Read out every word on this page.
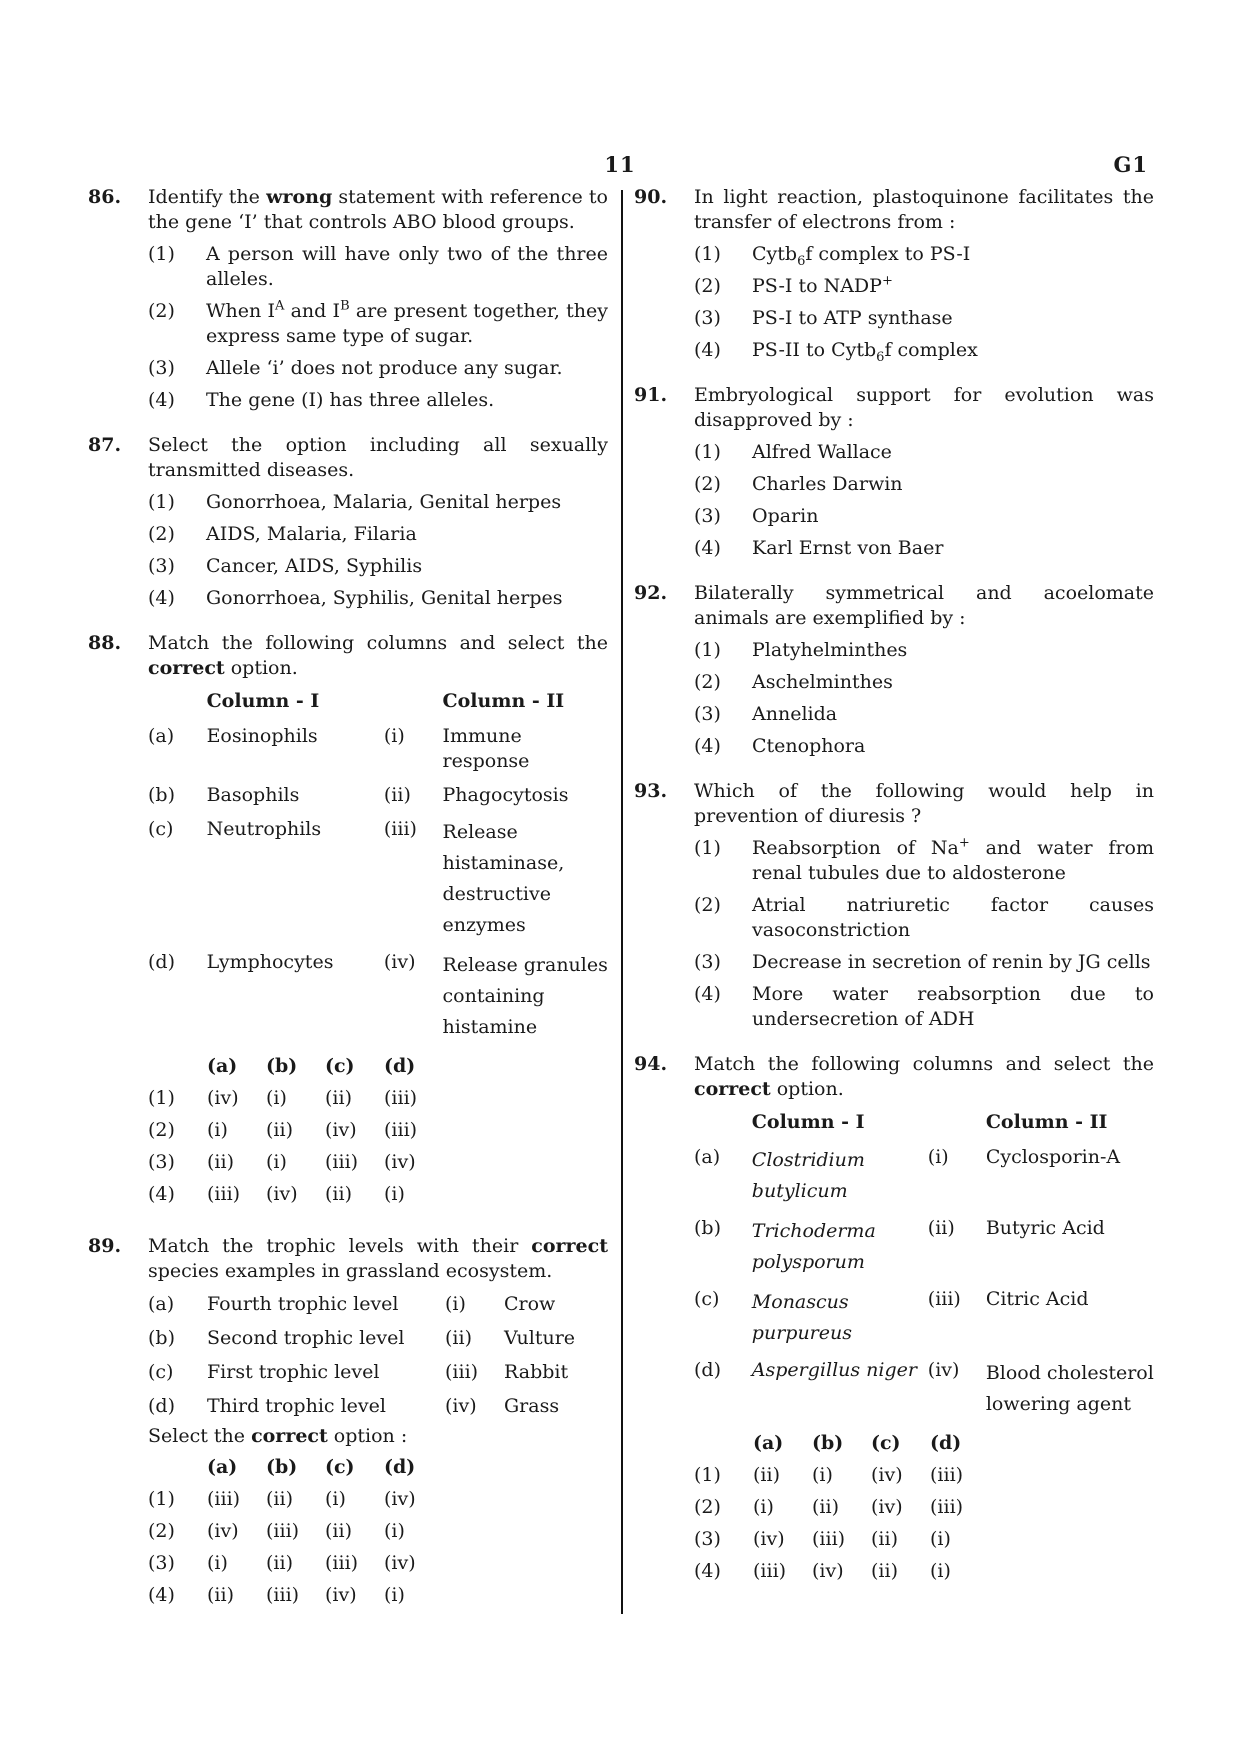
11	G1
86.	Identify the wrong statement with reference to the gene ‘I’ that controls ABO blood groups.
(1)	A person will have only two of the three alleles.
(2)	When $I^A$ and $I^B$ are present together, they express same type of sugar.
(3)	Allele ‘i’ does not produce any sugar.
(4)	The gene (I) has three alleles.
87.	Select the option including all sexually transmitted diseases.
(1)	Gonorrhoea, Malaria, Genital herpes
(2)	AIDS, Malaria, Filaria
(3)	Cancer, AIDS, Syphilis
(4)	Gonorrhoea, Syphilis, Genital herpes
88.	Match the following columns and select the correct option.
	Column - I		Column - II
(a)	Eosinophils	(i)	Immune response
(b)	Basophils	(ii)	Phagocytosis
(c)	Neutrophils	(iii)	Release histaminase, destructive enzymes
(d)	Lymphocytes	(iv)	Release granules containing histamine
	(a)	(b)	(c)	(d)
(1)	(iv)	(i)	(ii)	(iii)
(2)	(i)	(ii)	(iv)	(iii)
(3)	(ii)	(i)	(iii)	(iv)
(4)	(iii)	(iv)	(ii)	(i)
89.	Match the trophic levels with their correct species examples in grassland ecosystem.
(a)	Fourth trophic level	(i)	Crow
(b)	Second trophic level	(ii)	Vulture
(c)	First trophic level	(iii)	Rabbit
(d)	Third trophic level	(iv)	Grass
Select the correct option :
	(a)	(b)	(c)	(d)
(1)	(iii)	(ii)	(i)	(iv)
(2)	(iv)	(iii)	(ii)	(i)
(3)	(i)	(ii)	(iii)	(iv)
(4)	(ii)	(iii)	(iv)	(i)
90.	In light reaction, plastoquinone facilitates the transfer of electrons from :
(1)	Cytb$_6$f complex to PS-I
(2)	PS-I to NADP+
(3)	PS-I to ATP synthase
(4)	PS-II to Cytb$_6$f complex
91.	Embryological support for evolution was disapproved by :
(1)	Alfred Wallace
(2)	Charles Darwin
(3)	Oparin
(4)	Karl Ernst von Baer
92.	Bilaterally symmetrical and acoelomate animals are exemplified by :
(1)	Platyhelminthes
(2)	Aschelminthes
(3)	Annelida
(4)	Ctenophora
93.	Which of the following would help in prevention of diuresis ?
(1)	Reabsorption of Na+ and water from renal tubules due to aldosterone
(2)	Atrial natriuretic factor causes vasoconstriction
(3)	Decrease in secretion of renin by JG cells
(4)	More water reabsorption due to undersecretion of ADH
94.	Match the following columns and select the correct option.
	Column - I		Column - II
(a)	Clostridium butylicum	(i)	Cyclosporin-A
(b)	Trichoderma polysporum	(ii)	Butyric Acid
(c)	Monascus purpureus	(iii)	Citric Acid
(d)	Aspergillus niger	(iv)	Blood cholesterol lowering agent
	(a)	(b)	(c)	(d)
(1)	(ii)	(i)	(iv)	(iii)
(2)	(i)	(ii)	(iv)	(iii)
(3)	(iv)	(iii)	(ii)	(i)
(4)	(iii)	(iv)	(ii)	(i)
